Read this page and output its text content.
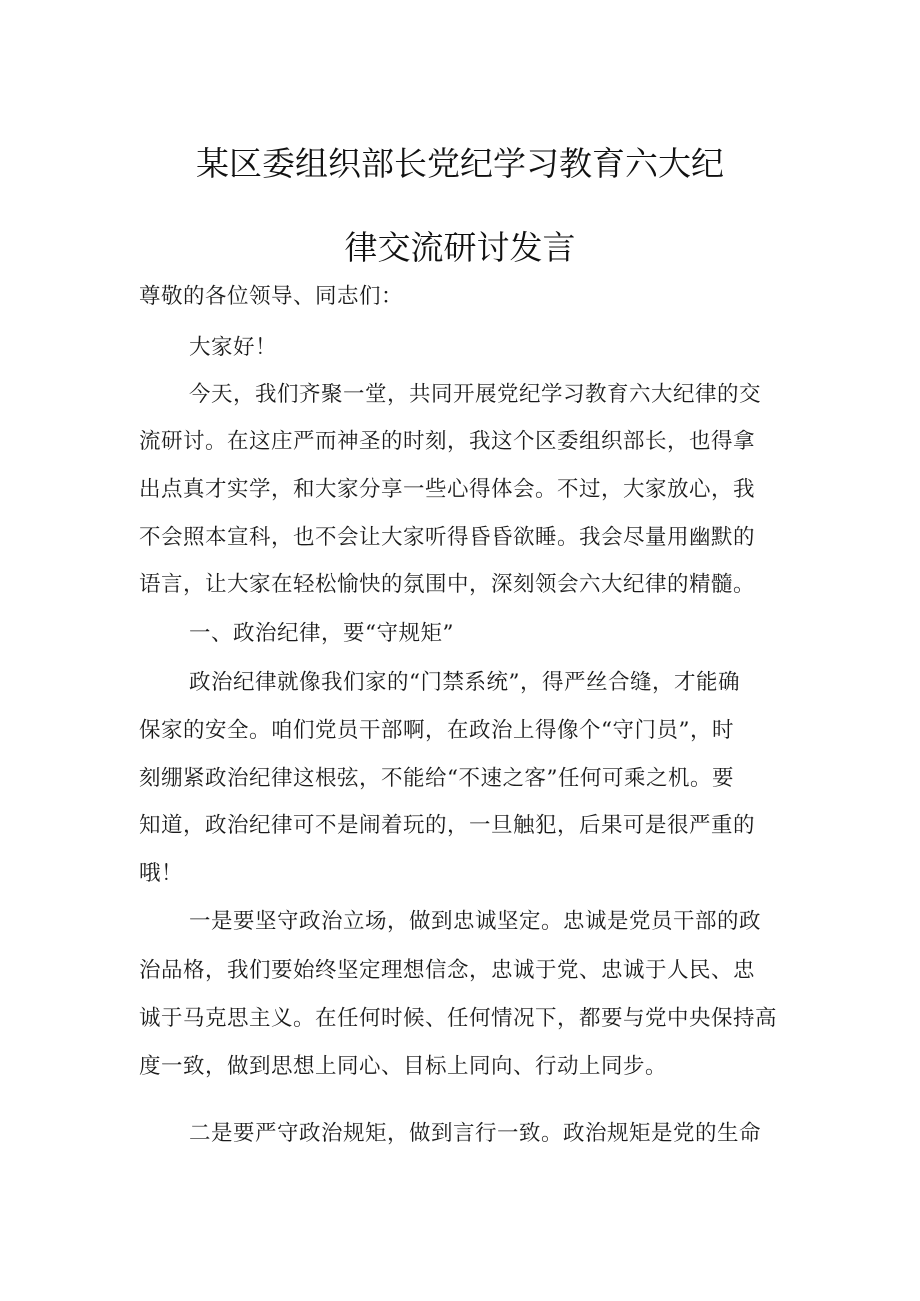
某区委组织部长党纪学习教育六大纪
律交流研讨发言
尊敬的各位领导、同志们：
大家好！
今天，我们齐聚一堂，共同开展党纪学习教育六大纪律的交
流研讨。在这庄严而神圣的时刻，我这个区委组织部长，也得拿
出点真才实学，和大家分享一些心得体会。不过，大家放心，我
不会照本宣科，也不会让大家听得昏昏欲睡。我会尽量用幽默的
语言，让大家在轻松愉快的氛围中，深刻领会六大纪律的精髓。
一、政治纪律，要“守规矩”
政治纪律就像我们家的“门禁系统”，得严丝合缝，才能确
保家的安全。咱们党员干部啊，在政治上得像个“守门员”，时
刻绷紧政治纪律这根弦，不能给“不速之客”任何可乘之机。要
知道，政治纪律可不是闹着玩的，一旦触犯，后果可是很严重的
哦！
一是要坚守政治立场，做到忠诚坚定。忠诚是党员干部的政
治品格，我们要始终坚定理想信念，忠诚于党、忠诚于人民、忠
诚于马克思主义。在任何时候、任何情况下，都要与党中央保持高
度一致，做到思想上同心、目标上同向、行动上同步。
二是要严守政治规矩，做到言行一致。政治规矩是党的生命
